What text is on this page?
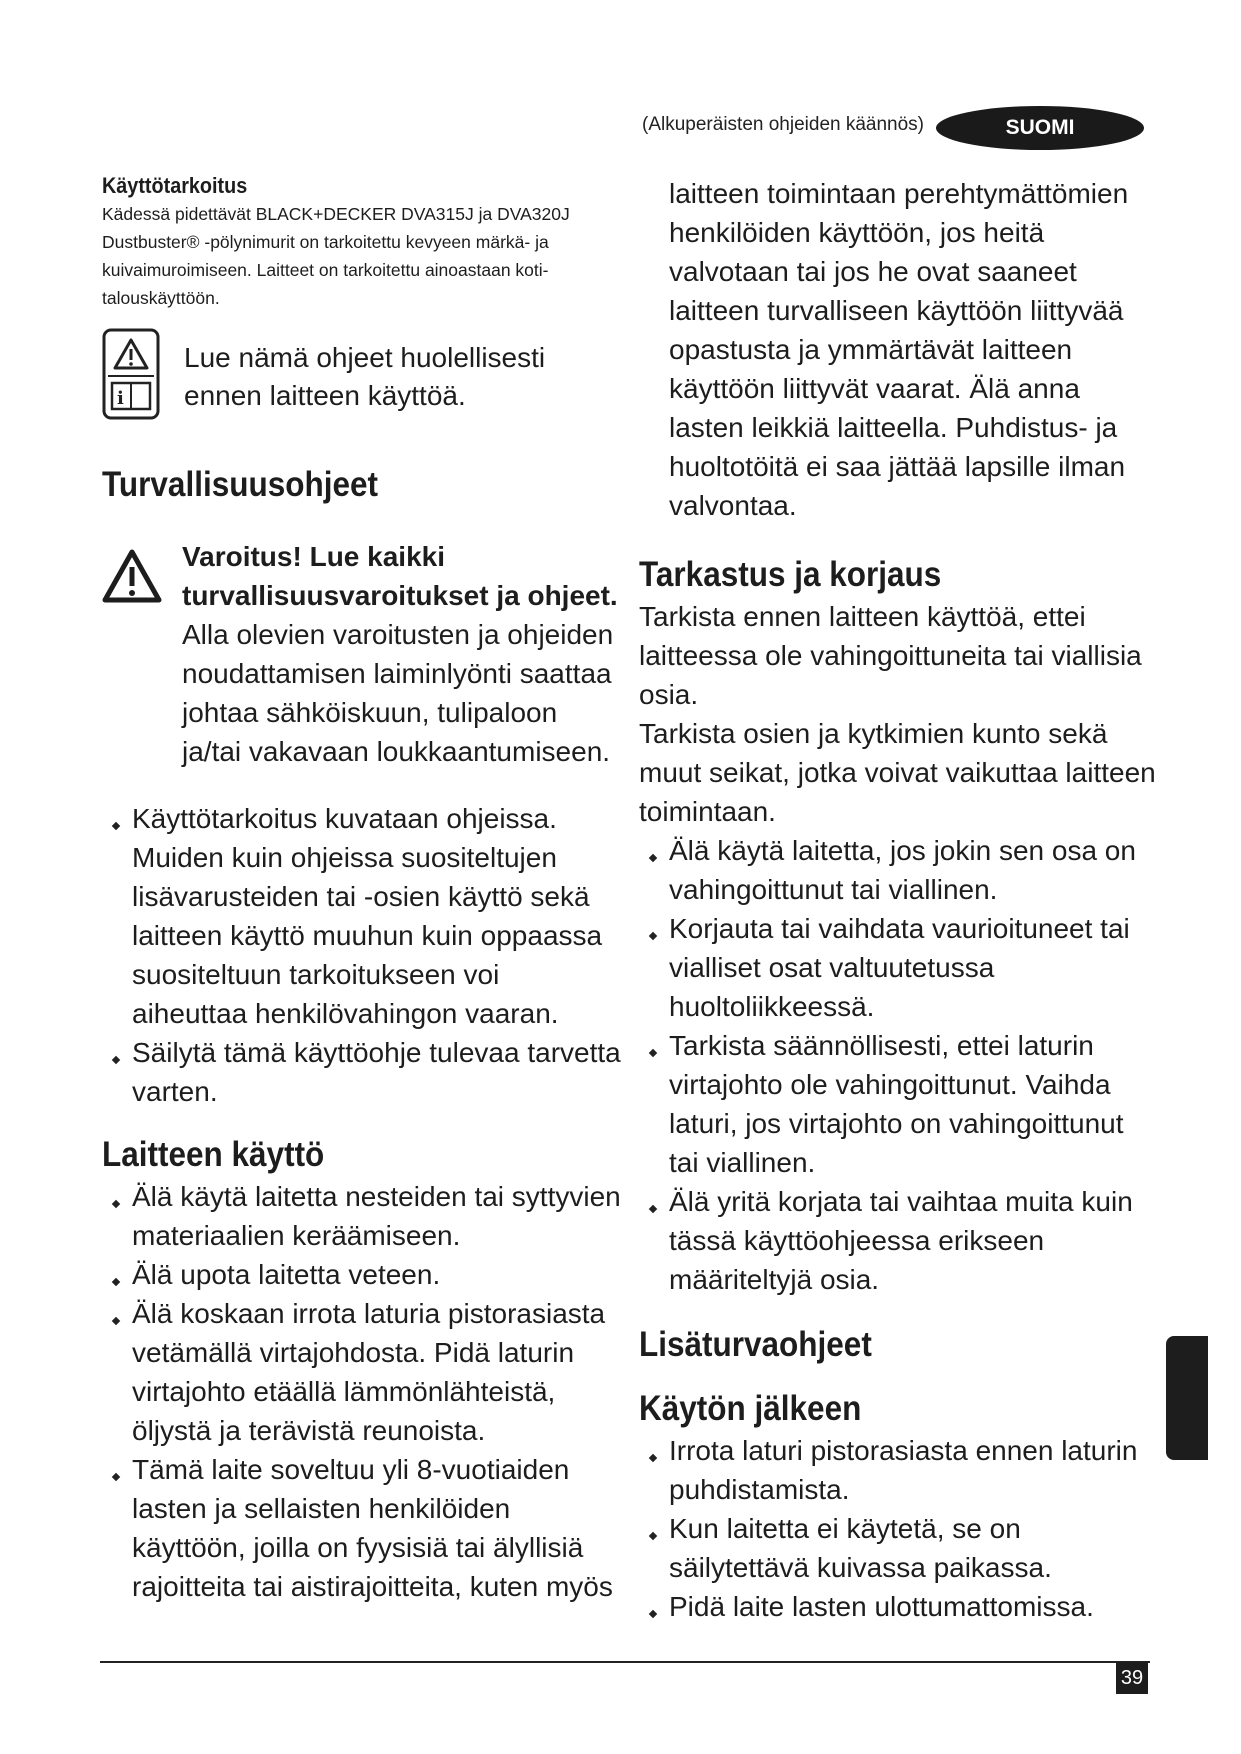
(Alkuperäisten ohjeiden käännös)	SUOMI
Käyttötarkoitus

Kädessä pidettävät BLACK+DECKER DVA315J ja DVA320J Dustbuster® -pölynimurit on tarkoitettu kevyeen märkä- ja kuivaimuroimiseen. Laitteet on tarkoitettu ainoastaan koti-talouskäyttöön.

i
Lue nämä ohjeet huolellisesti
ennen laitteen käyttöä.
Turvallisuusohjeet
Varoitus! Lue kaikki turvallisuusvaroitukset ja ohjeet. Alla olevien varoitusten ja ohjeiden noudattamisen laiminlyönti saattaa johtaa sähköiskuun, tulipaloon ja/tai vakavaan loukkaantumiseen.
Käyttötarkoitus kuvataan ohjeissa. Muiden kuin ohjeissa suositeltujen lisävarusteiden tai -osien käyttö sekä laitteen käyttö muuhun kuin oppaassa suositeltuun tarkoitukseen voi aiheuttaa henkilövahingon vaaran.
Säilytä tämä käyttöohje tulevaa tarvetta varten.
Laitteen käyttö
Älä käytä laitetta nesteiden tai syttyvien materiaalien keräämiseen.
Älä upota laitetta veteen.
Älä koskaan irrota laturia pistorasiasta vetämällä virtajohdosta. Pidä laturin virtajohto etäällä lämmönlähteistä, öljystä ja terävistä reunoista.
Tämä laite soveltuu yli 8-vuotiaiden lasten ja sellaisten henkilöiden käyttöön, joilla on fyysisiä tai älyllisiä rajoitteita tai aistirajoitteita, kuten myös

laitteen toimintaan perehtymättömien henkilöiden käyttöön, jos heitä valvotaan tai jos he ovat saaneet laitteen turvalliseen käyttöön liittyvää opastusta ja ymmärtävät laitteen käyttöön liittyvät vaarat. Älä anna lasten leikkiä laitteella. Puhdistus- ja huoltotöitä ei saa jättää lapsille ilman valvontaa.

Tarkastus ja korjaus

Tarkista ennen laitteen käyttöä, ettei laitteessa ole vahingoittuneita tai viallisia osia.

Tarkista osien ja kytkimien kunto sekä muut seikat, jotka voivat vaikuttaa laitteen toimintaan.

Älä käytä laitetta, jos jokin sen osa on vahingoittunut tai viallinen.
Korjauta tai vaihdata vaurioituneet tai vialliset osat valtuutetussa huoltoliikkeessä.
Tarkista säännöllisesti, ettei laturin virtajohto ole vahingoittunut. Vaihda laturi, jos virtajohto on vahingoittunut tai viallinen.
Älä yritä korjata tai vaihtaa muita kuin tässä käyttöohjeessa erikseen määriteltyjä osia.
Lisäturvaohjeet
Käytön jälkeen
Irrota laturi pistorasiasta ennen laturin puhdistamista.
Kun laitetta ei käytetä, se on säilytettävä kuivassa paikassa.
Pidä laite lasten ulottumattomissa.
39
